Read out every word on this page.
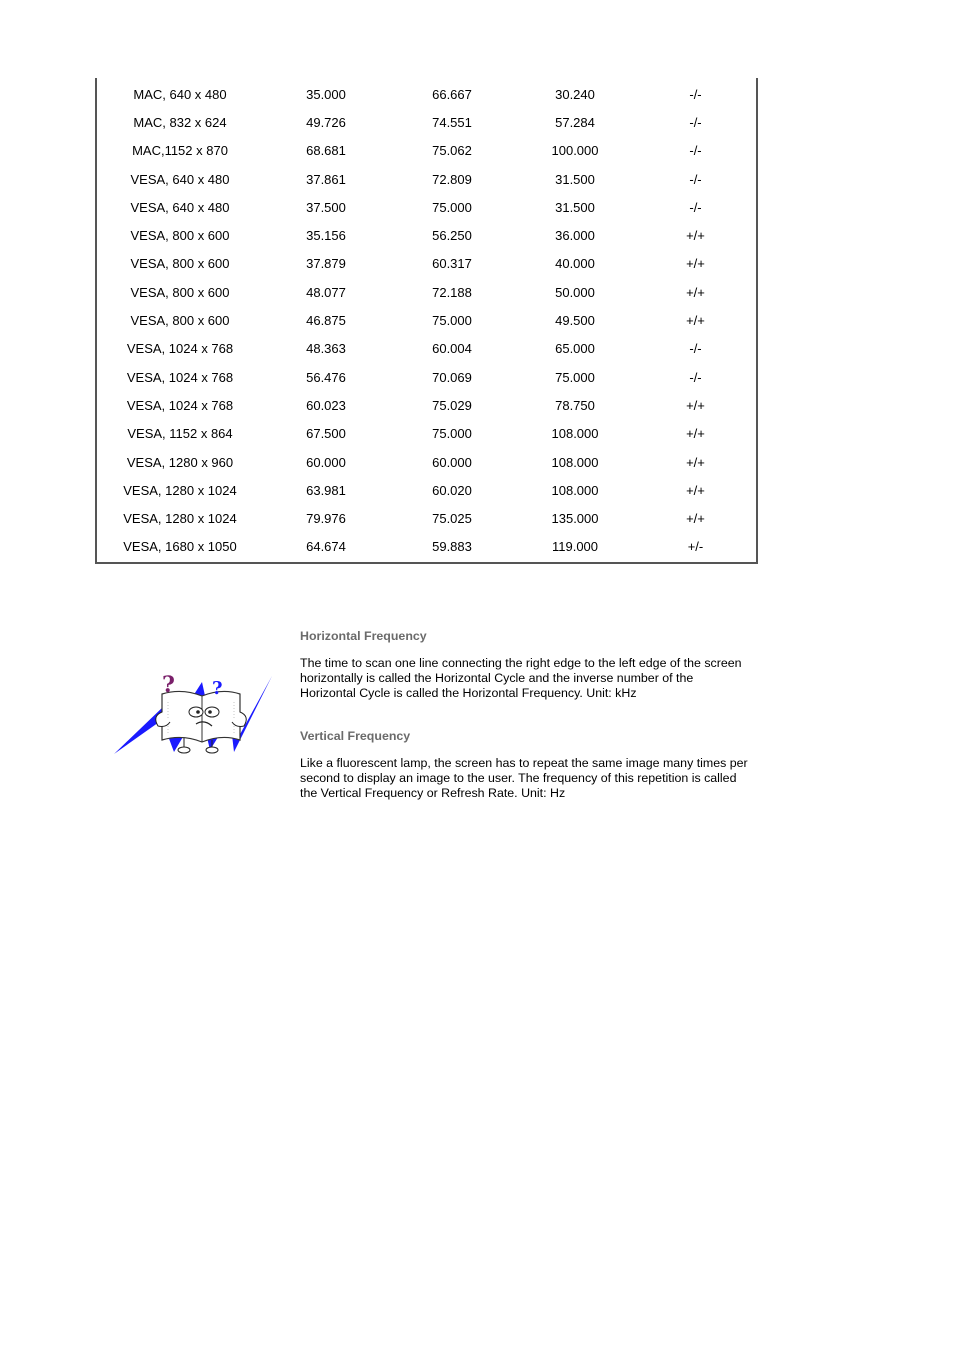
MAC, 640 x 480	35.000	66.667	30.240	-/-
MAC, 832 x 624	49.726	74.551	57.284	-/-
MAC,1152 x 870	68.681	75.062	100.000	-/-
VESA, 640 x 480	37.861	72.809	31.500	-/-
VESA, 640 x 480	37.500	75.000	31.500	-/-
VESA, 800 x 600	35.156	56.250	36.000	+/+
VESA, 800 x 600	37.879	60.317	40.000	+/+
VESA, 800 x 600	48.077	72.188	50.000	+/+
VESA, 800 x 600	46.875	75.000	49.500	+/+
VESA, 1024 x 768	48.363	60.004	65.000	-/-
VESA, 1024 x 768	56.476	70.069	75.000	-/-
VESA, 1024 x 768	60.023	75.029	78.750	+/+
VESA, 1152 x 864	67.500	75.000	108.000	+/+
VESA, 1280 x 960	60.000	60.000	108.000	+/+
VESA, 1280 x 1024	63.981	60.020	108.000	+/+
VESA, 1280 x 1024	79.976	75.025	135.000	+/+
VESA, 1680 x 1050	64.674	59.883	119.000	+/-
? ?
Horizontal Frequency

The time to scan one line connecting the right edge to the left edge of the screen horizontally is called the Horizontal Cycle and the inverse number of the Horizontal Cycle is called the Horizontal Frequency. Unit: kHz

Vertical Frequency

Like a fluorescent lamp, the screen has to repeat the same image many times per second to display an image to the user. The frequency of this repetition is called the Vertical Frequency or Refresh Rate. Unit: Hz
